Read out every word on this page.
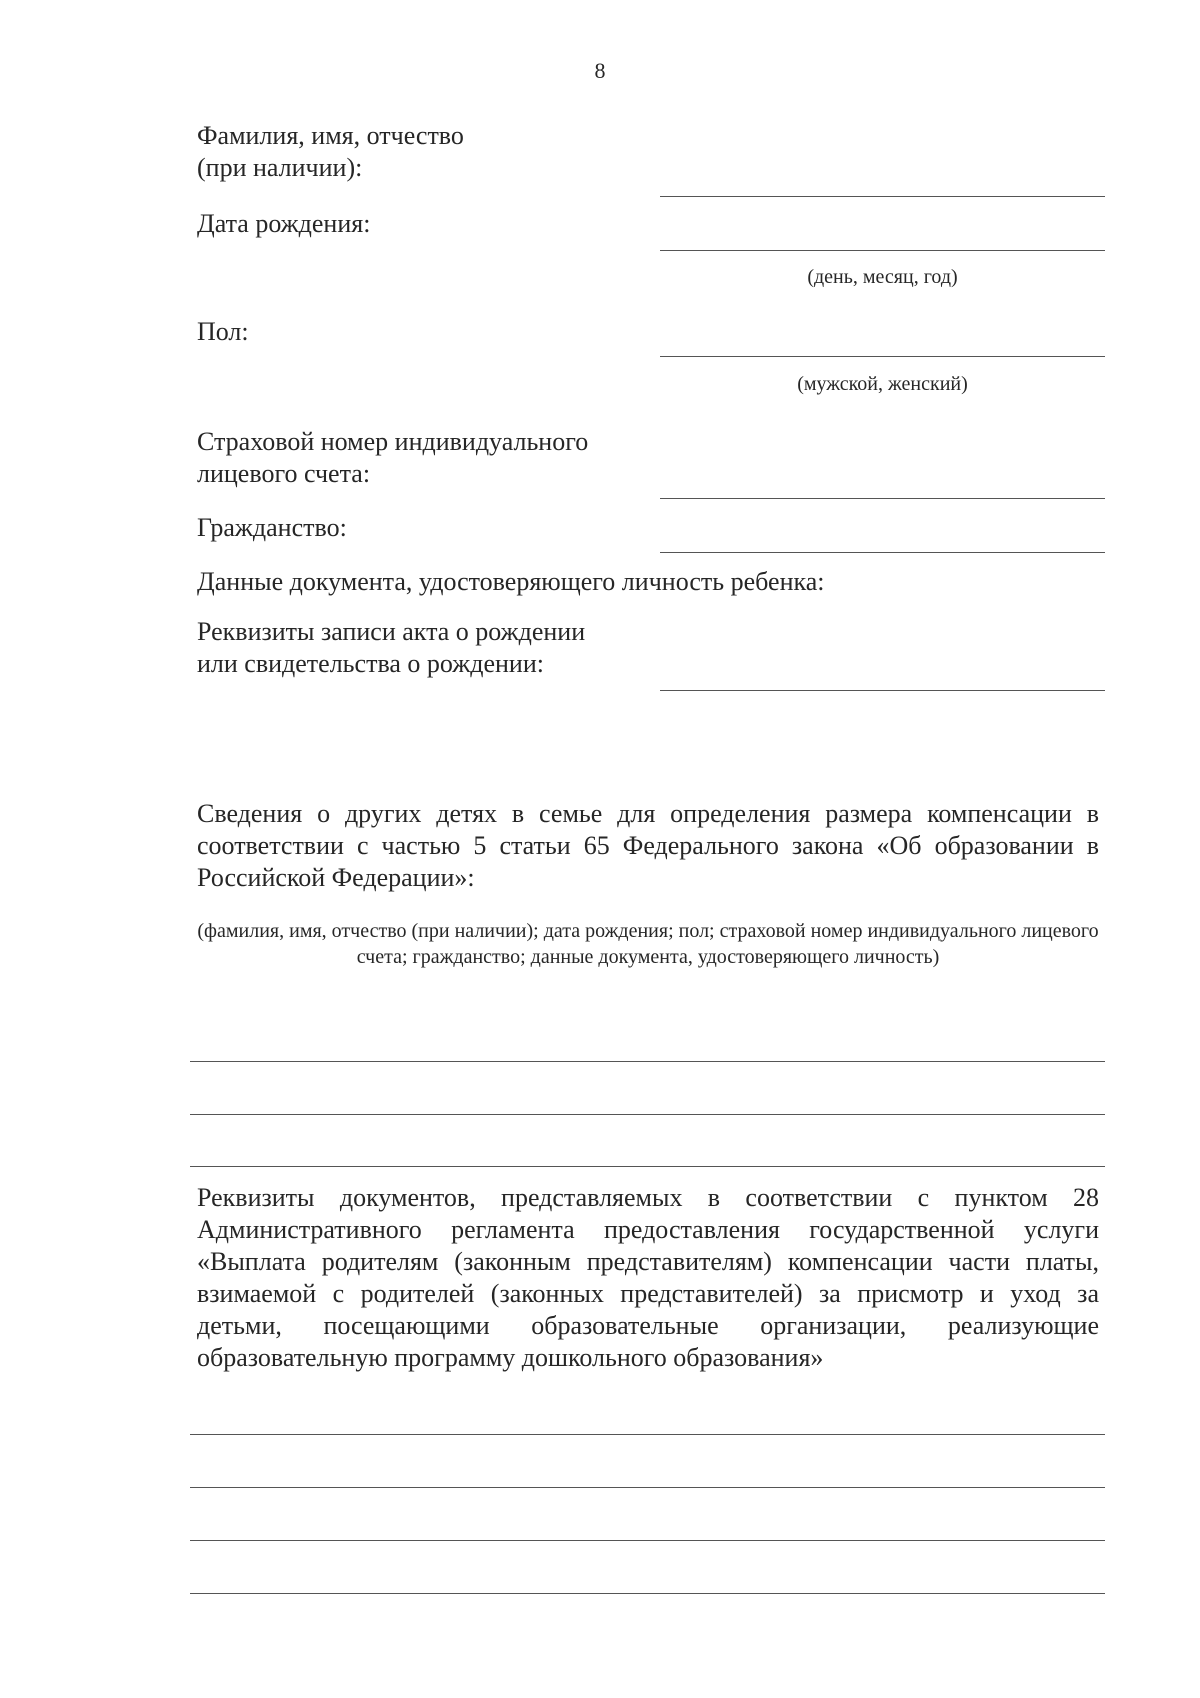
8
Фамилия, имя, отчество
(при наличии):
Дата рождения:
(день, месяц, год)
Пол:
(мужской, женский)
Страховой номер индивидуального
лицевого счета:
Гражданство:
Данные документа, удостоверяющего личность ребенка:
Реквизиты записи акта о рождении
или свидетельства о рождении:
Сведения о других детях в семье для определения размера компенсации в соответствии с частью 5 статьи 65 Федерального закона «Об образовании в Российской Федерации»:
(фамилия, имя, отчество (при наличии); дата рождения; пол; страховой номер индивидуального лицевого счета; гражданство; данные документа, удостоверяющего личность)
Реквизиты документов, представляемых в соответствии с пунктом 28 Административного регламента предоставления государственной услуги «Выплата родителям (законным представителям) компенсации части платы, взимаемой с родителей (законных представителей) за присмотр и уход за детьми, посещающими образовательные организации, реализующие образовательную программу дошкольного образования»
